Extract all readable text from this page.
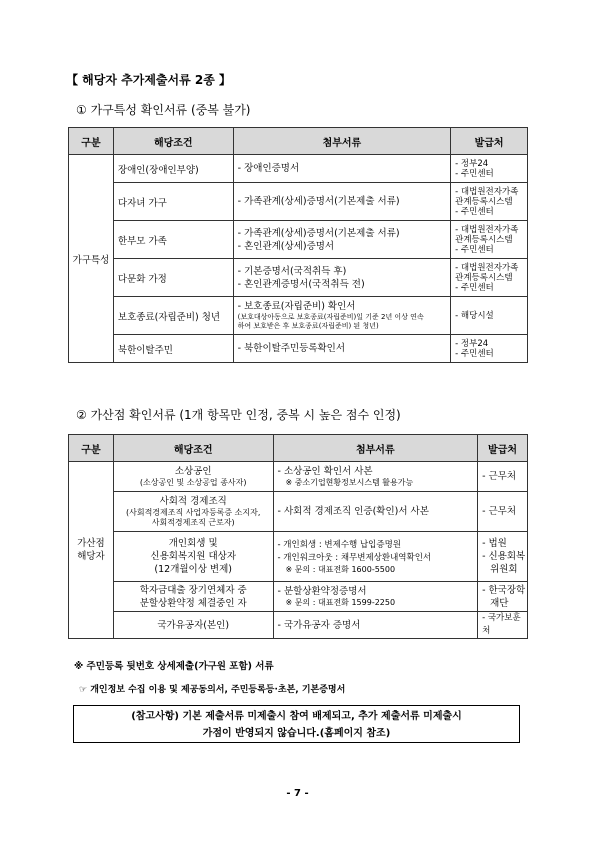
【 해당자 추가제출서류 2종 】
① 가구특성 확인서류 (중복 불가)
구분	해당조건	첨부서류	발급처
가구특성	장애인(장애인부양)	- 장애인증명서	- 정부24
- 주민센터

	다자녀 가구	- 가족관계(상세)증명서(기본제출 서류)	- 대법원전자가족
관계등록시스템
- 주민센터

	한부모 가족	- 가족관계(상세)증명서(기본제출 서류)
- 혼인관계(상세)증명서	- 대법원전자가족
관계등록시스템
- 주민센터

	다문화 가정	- 기본증명서(국적취득 후)
- 혼인관계증명서(국적취득 전)	- 대법원전자가족
관계등록시스템
- 주민센터

	보호종료(자립준비) 청년	- 보호종료(자립준비) 확인서
(보호대상아동으로 보호종료(자립준비)일 기준 2년 이상 연속
하여 보호받은 후 보호종료(자립준비) 된 청년)	- 해당시설

	북한이탈주민	- 북한이탈주민등록확인서	- 정부24
- 주민센터
② 가산점 확인서류 (1개 항목만 인정, 중복 시 높은 점수 인정)
구분	해당조건	첨부서류	발급처

가산점
해당자	소상공인
(소상공인 및 소상공업 종사자)	- 소상공인 확인서 사본
※ 중소기업현황정보시스템 활용가능	- 근무처

	사회적 경제조직
(사회적경제조직 사업자등록증 소지자,
사회적경제조직 근로자)	- 사회적 경제조직 인증(확인)서 사본	- 근무처

	개인회생 및
신용회복지원 대상자
(12개월이상 변제)	- 개인회생 : 변제수행 납입증명원
- 개인워크아웃 : 채무변제상환내역확인서
※ 문의 : 대표전화 1600-5500	- 법원
- 신용회복
위원회

	학자금대출 장기연체자 중
분할상환약정 체결중인 자	- 분할상환약정증명서
※ 문의 : 대표전화 1599-2250	- 한국장학
재단

	국가유공자(본인)	- 국가유공자 증명서	- 국가보훈처
※ 주민등록 뒷번호 상세제출(가구원 포함) 서류
☞ 개인정보 수집 이용 및 제공동의서, 주민등록등·초본, 기본증명서
(참고사항) 기본 제출서류 미제출시 참여 배제되고, 추가 제출서류 미제출시
가점이 반영되지 않습니다.(홈페이지 참조)
- 7 -
